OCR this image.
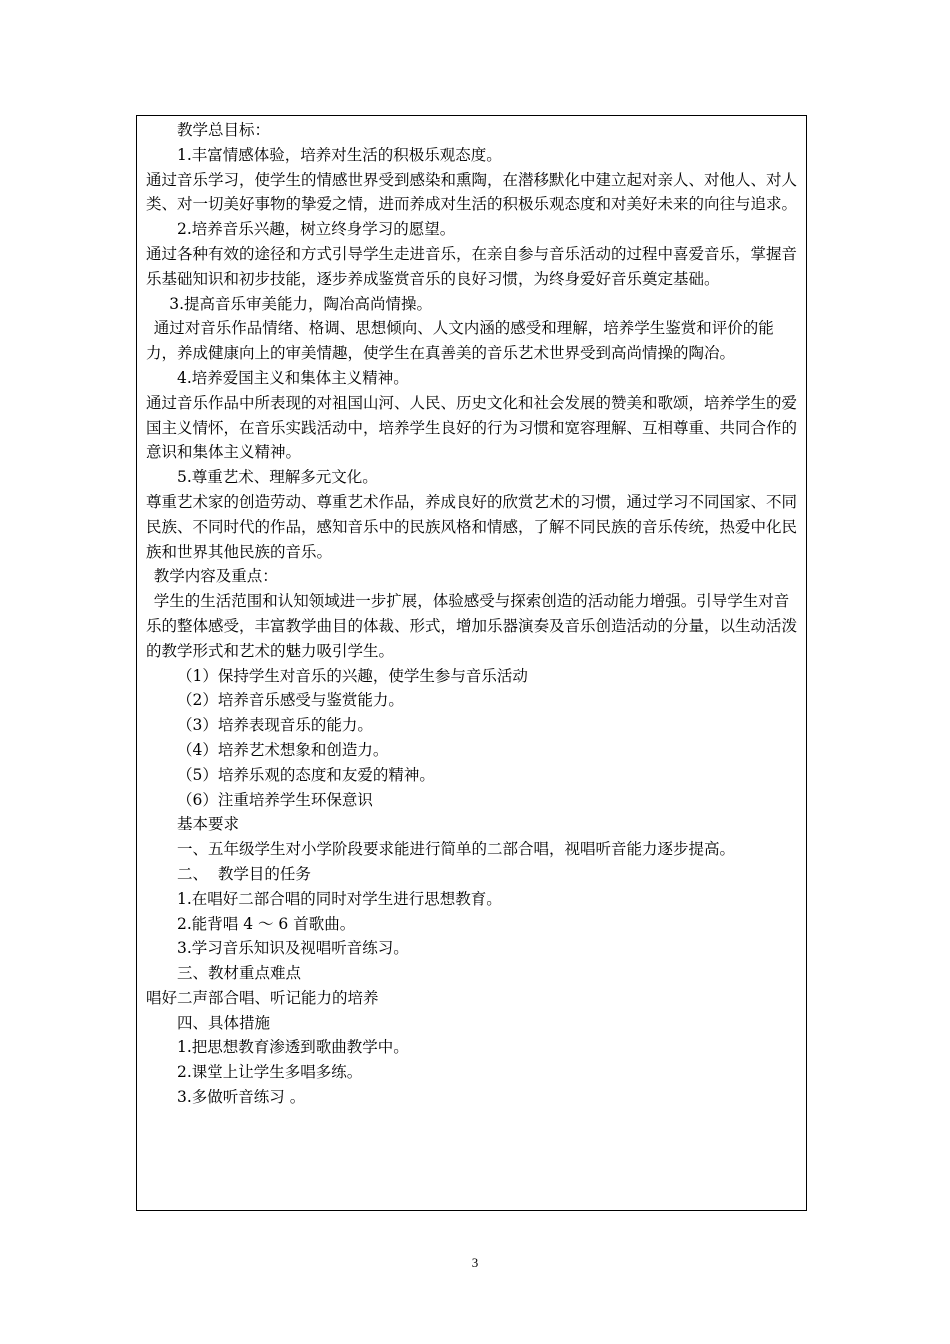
教学总目标：

1.丰富情感体验，培养对生活的积极乐观态度。

通过音乐学习，使学生的情感世界受到感染和熏陶，在潜移默化中建立起对亲人、对他人、对人类、对一切美好事物的挚爱之情，进而养成对生活的积极乐观态度和对美好未来的向往与追求。

2.培养音乐兴趣，树立终身学习的愿望。

通过各种有效的途径和方式引导学生走进音乐，在亲自参与音乐活动的过程中喜爱音乐，掌握音乐基础知识和初步技能，逐步养成鉴赏音乐的良好习惯，为终身爱好音乐奠定基础。

3.提高音乐审美能力，陶冶高尚情操。

通过对音乐作品情绪、格调、思想倾向、人文内涵的感受和理解，培养学生鉴赏和评价的能力，养成健康向上的审美情趣，使学生在真善美的音乐艺术世界受到高尚情操的陶冶。

4.培养爱国主义和集体主义精神。

通过音乐作品中所表现的对祖国山河、人民、历史文化和社会发展的赞美和歌颂，培养学生的爱国主义情怀，在音乐实践活动中，培养学生良好的行为习惯和宽容理解、互相尊重、共同合作的意识和集体主义精神。

5.尊重艺术、理解多元文化。

尊重艺术家的创造劳动、尊重艺术作品，养成良好的欣赏艺术的习惯，通过学习不同国家、不同民族、不同时代的作品，感知音乐中的民族风格和情感，了解不同民族的音乐传统，热爱中化民族和世界其他民族的音乐。

教学内容及重点：

学生的生活范围和认知领域进一步扩展，体验感受与探索创造的活动能力增强。引导学生对音乐的整体感受，丰富教学曲目的体裁、形式，增加乐器演奏及音乐创造活动的分量，以生动活泼的教学形式和艺术的魅力吸引学生。

（1）保持学生对音乐的兴趣，使学生参与音乐活动

（2）培养音乐感受与鉴赏能力。

（3）培养表现音乐的能力。

（4）培养艺术想象和创造力。

（5）培养乐观的态度和友爱的精神。

（6）注重培养学生环保意识

基本要求

一、五年级学生对小学阶段要求能进行简单的二部合唱，视唱听音能力逐步提高。

二、  教学目的任务

1.在唱好二部合唱的同时对学生进行思想教育。

2.能背唱 4 ～ 6 首歌曲。

3.学习音乐知识及视唱听音练习。

三、教材重点难点

唱好二声部合唱、听记能力的培养

四、具体措施

1.把思想教育渗透到歌曲教学中。

2.课堂上让学生多唱多练。

3.多做听音练习 。

3
